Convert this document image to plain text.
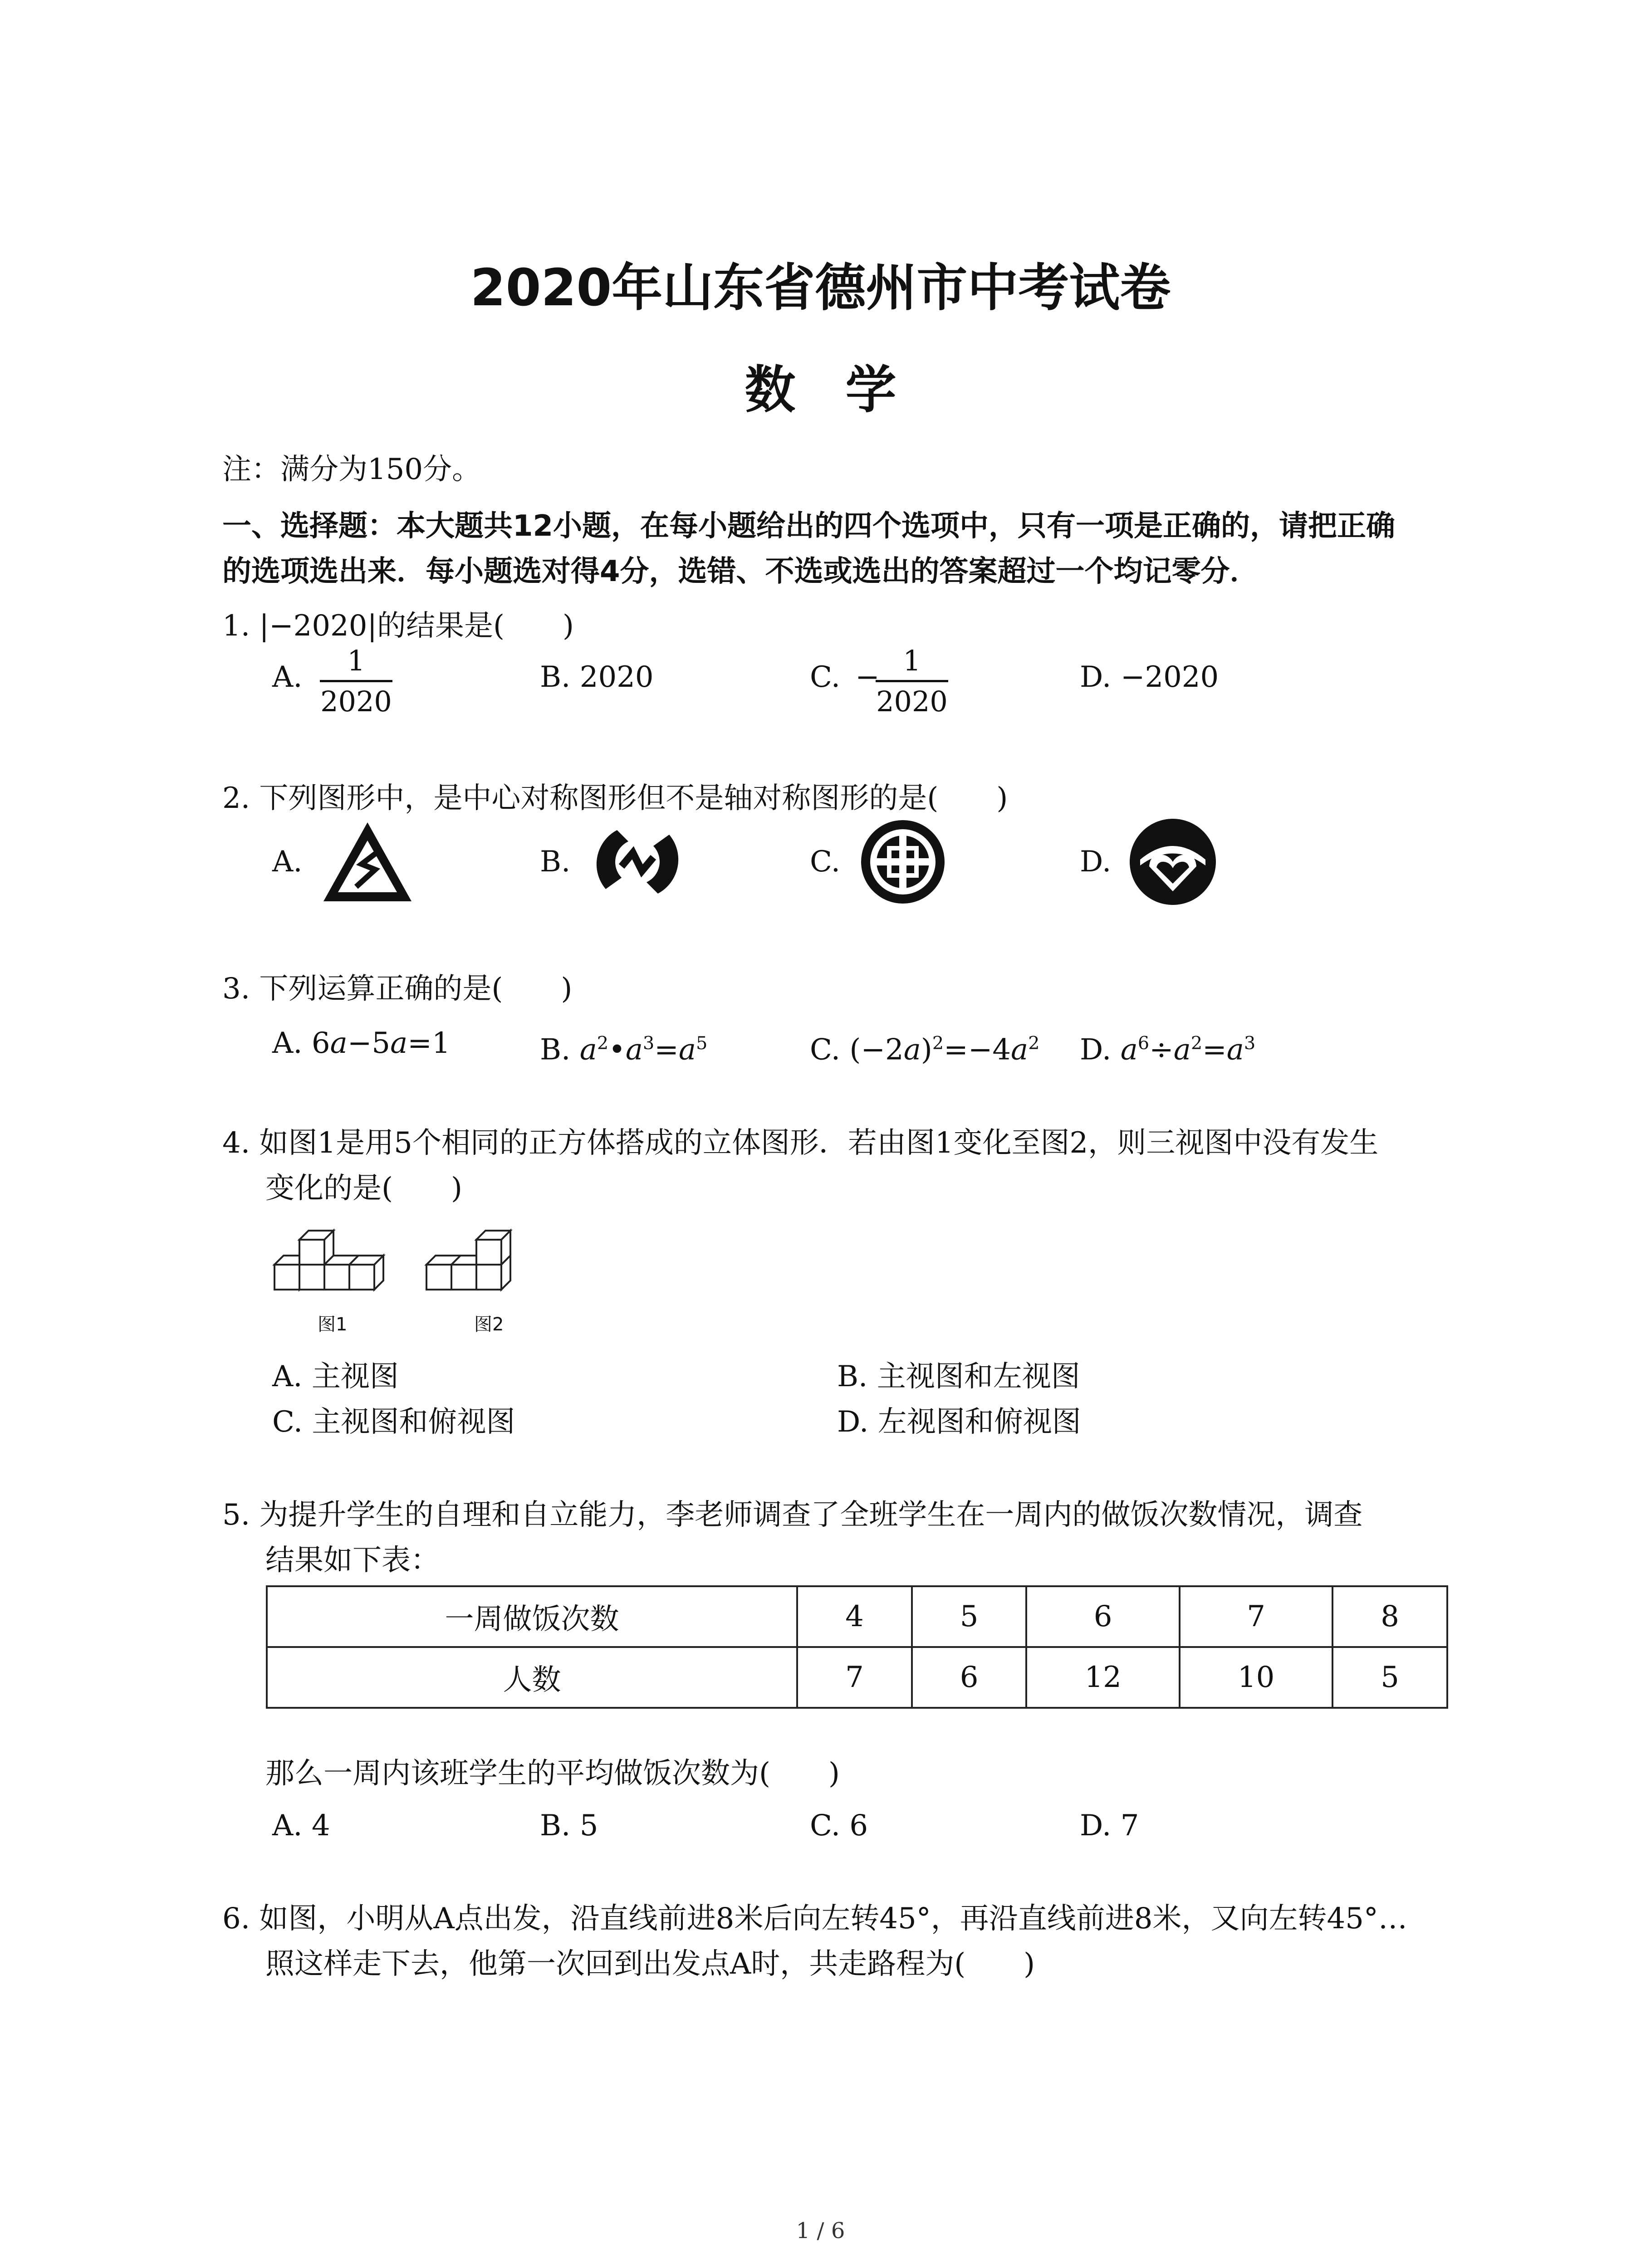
2020年山东省德州市中考试卷
数学
注：满分为150分。
一、选择题：本大题共12小题，在每小题给出的四个选项中，只有一项是正确的，请把正确
的选项选出来．每小题选对得4分，选错、不选或选出的答案超过一个均记零分．
1. |−2020|的结果是(　　)
A.	1
2020
B. 2020	C. − 1
2020
D. −2020
2. 下列图形中，是中心对称图形但不是轴对称图形的是(　　)
A.	B.	C.	D.
3. 下列运算正确的是(　　)
A. 6a−5a=1	B. $a^2•a^3=a^5$	C. $(-2a)^2=-4a^2$ D. $a^6\div a^2=a^3$
4. 如图1是用5个相同的正方体搭成的立体图形．若由图1变化至图2，则三视图中没有发生
变化的是(　　)
图1	图2
A. 主视图	B. 主视图和左视图
C. 主视图和俯视图	D. 左视图和俯视图
5. 为提升学生的自理和自立能力，李老师调查了全班学生在一周内的做饭次数情况，调查
结果如下表：
一周做饭次数	4	5	6	7	8
人数	7	6	12	10	5
那么一周内该班学生的平均做饭次数为(　　)
A. 4	B. 5	C. 6	D. 7
6. 如图，小明从A点出发，沿直线前进8米后向左转45°，再沿直线前进8米，又向左转45°…
照这样走下去，他第一次回到出发点A时，共走路程为(　　)
1 / 6
